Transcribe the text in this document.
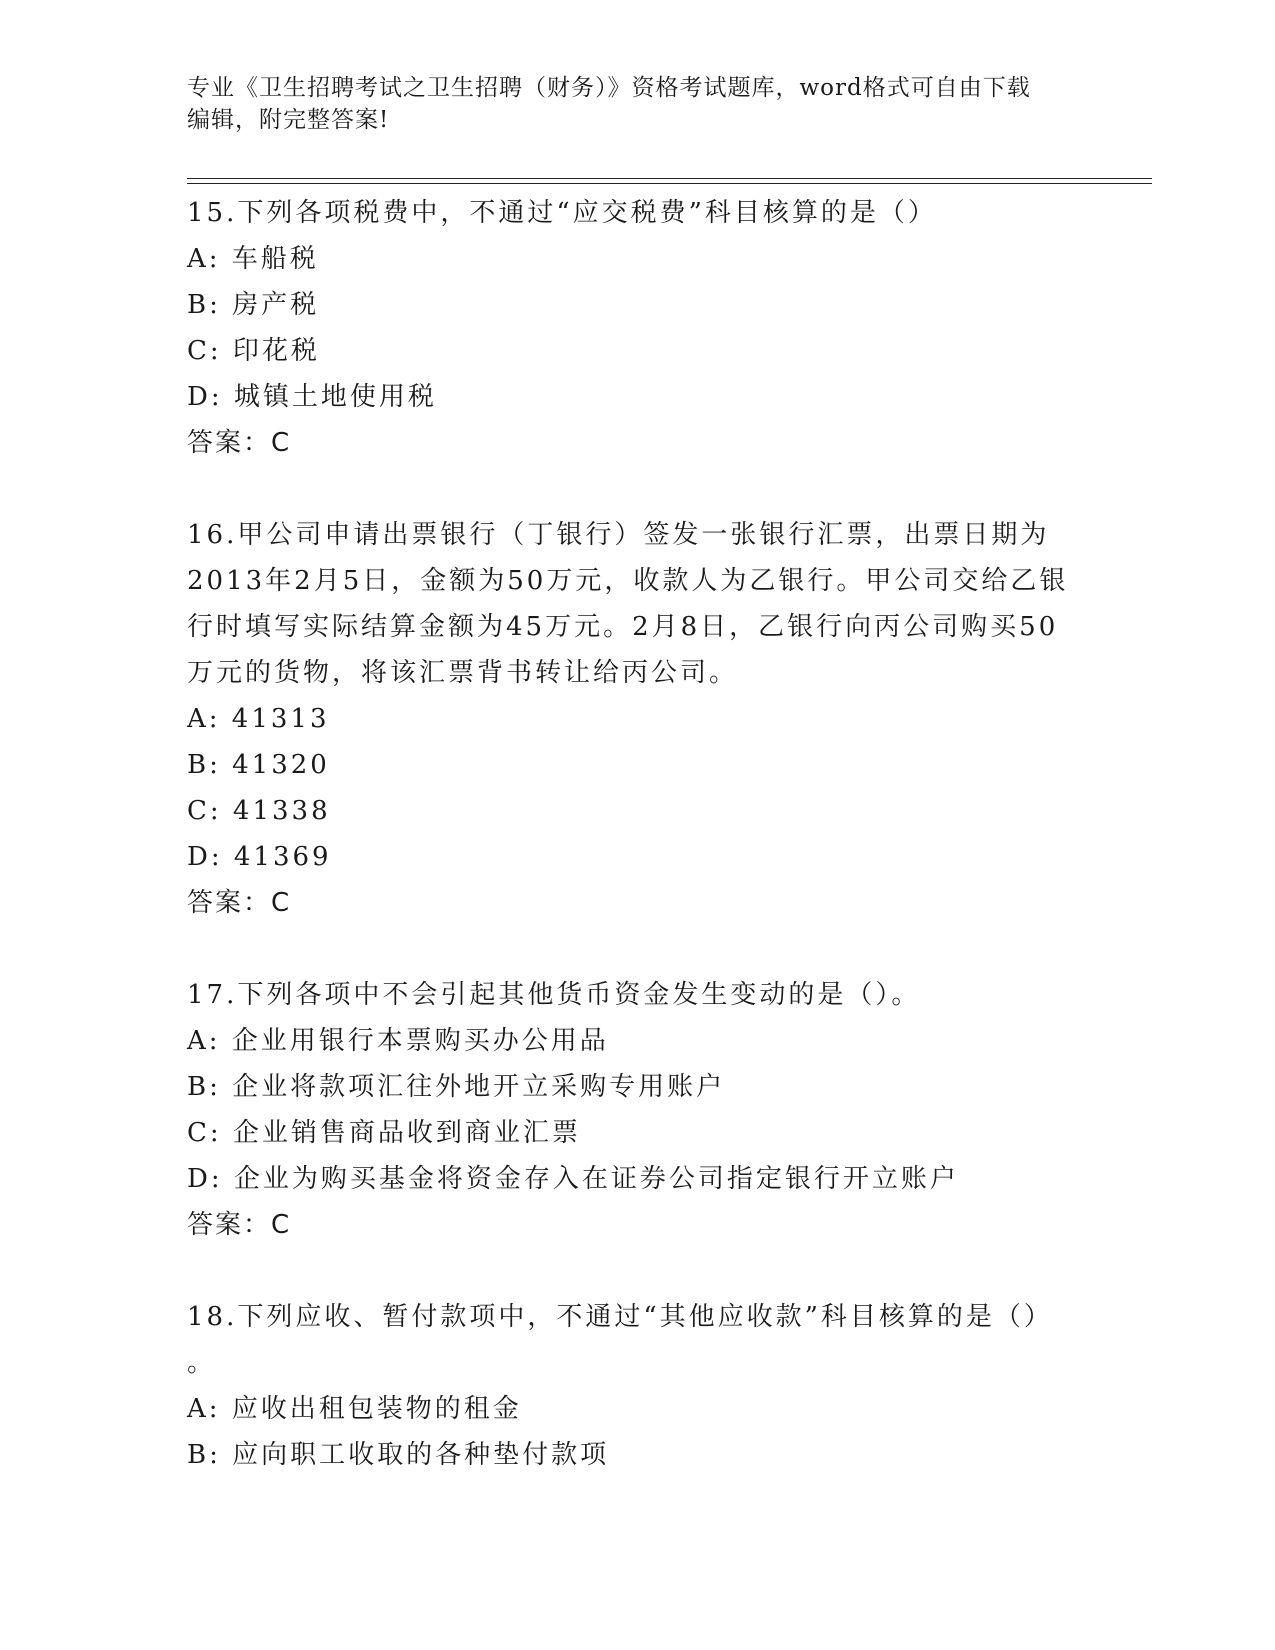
专业《卫生招聘考试之卫生招聘（财务）》资格考试题库，word格式可自由下载
编辑，附完整答案!
15.下列各项税费中，不通过“应交税费”科目核算的是（）
A: 车船税
B: 房产税
C: 印花税
D: 城镇土地使用税
答案：C
16.甲公司申请出票银行（丁银行）签发一张银行汇票，出票日期为
2013年2月5日，金额为50万元，收款人为乙银行。甲公司交给乙银
行时填写实际结算金额为45万元。2月8日，乙银行向丙公司购买50
万元的货物，将该汇票背书转让给丙公司。
A: 41313
B: 41320
C: 41338
D: 41369
答案：C
17.下列各项中不会引起其他货币资金发生变动的是（）。
A: 企业用银行本票购买办公用品
B: 企业将款项汇往外地开立采购专用账户
C: 企业销售商品收到商业汇票
D: 企业为购买基金将资金存入在证券公司指定银行开立账户
答案：C
18.下列应收、暂付款项中，不通过“其他应收款”科目核算的是（）
。
A: 应收出租包装物的租金
B: 应向职工收取的各种垫付款项
